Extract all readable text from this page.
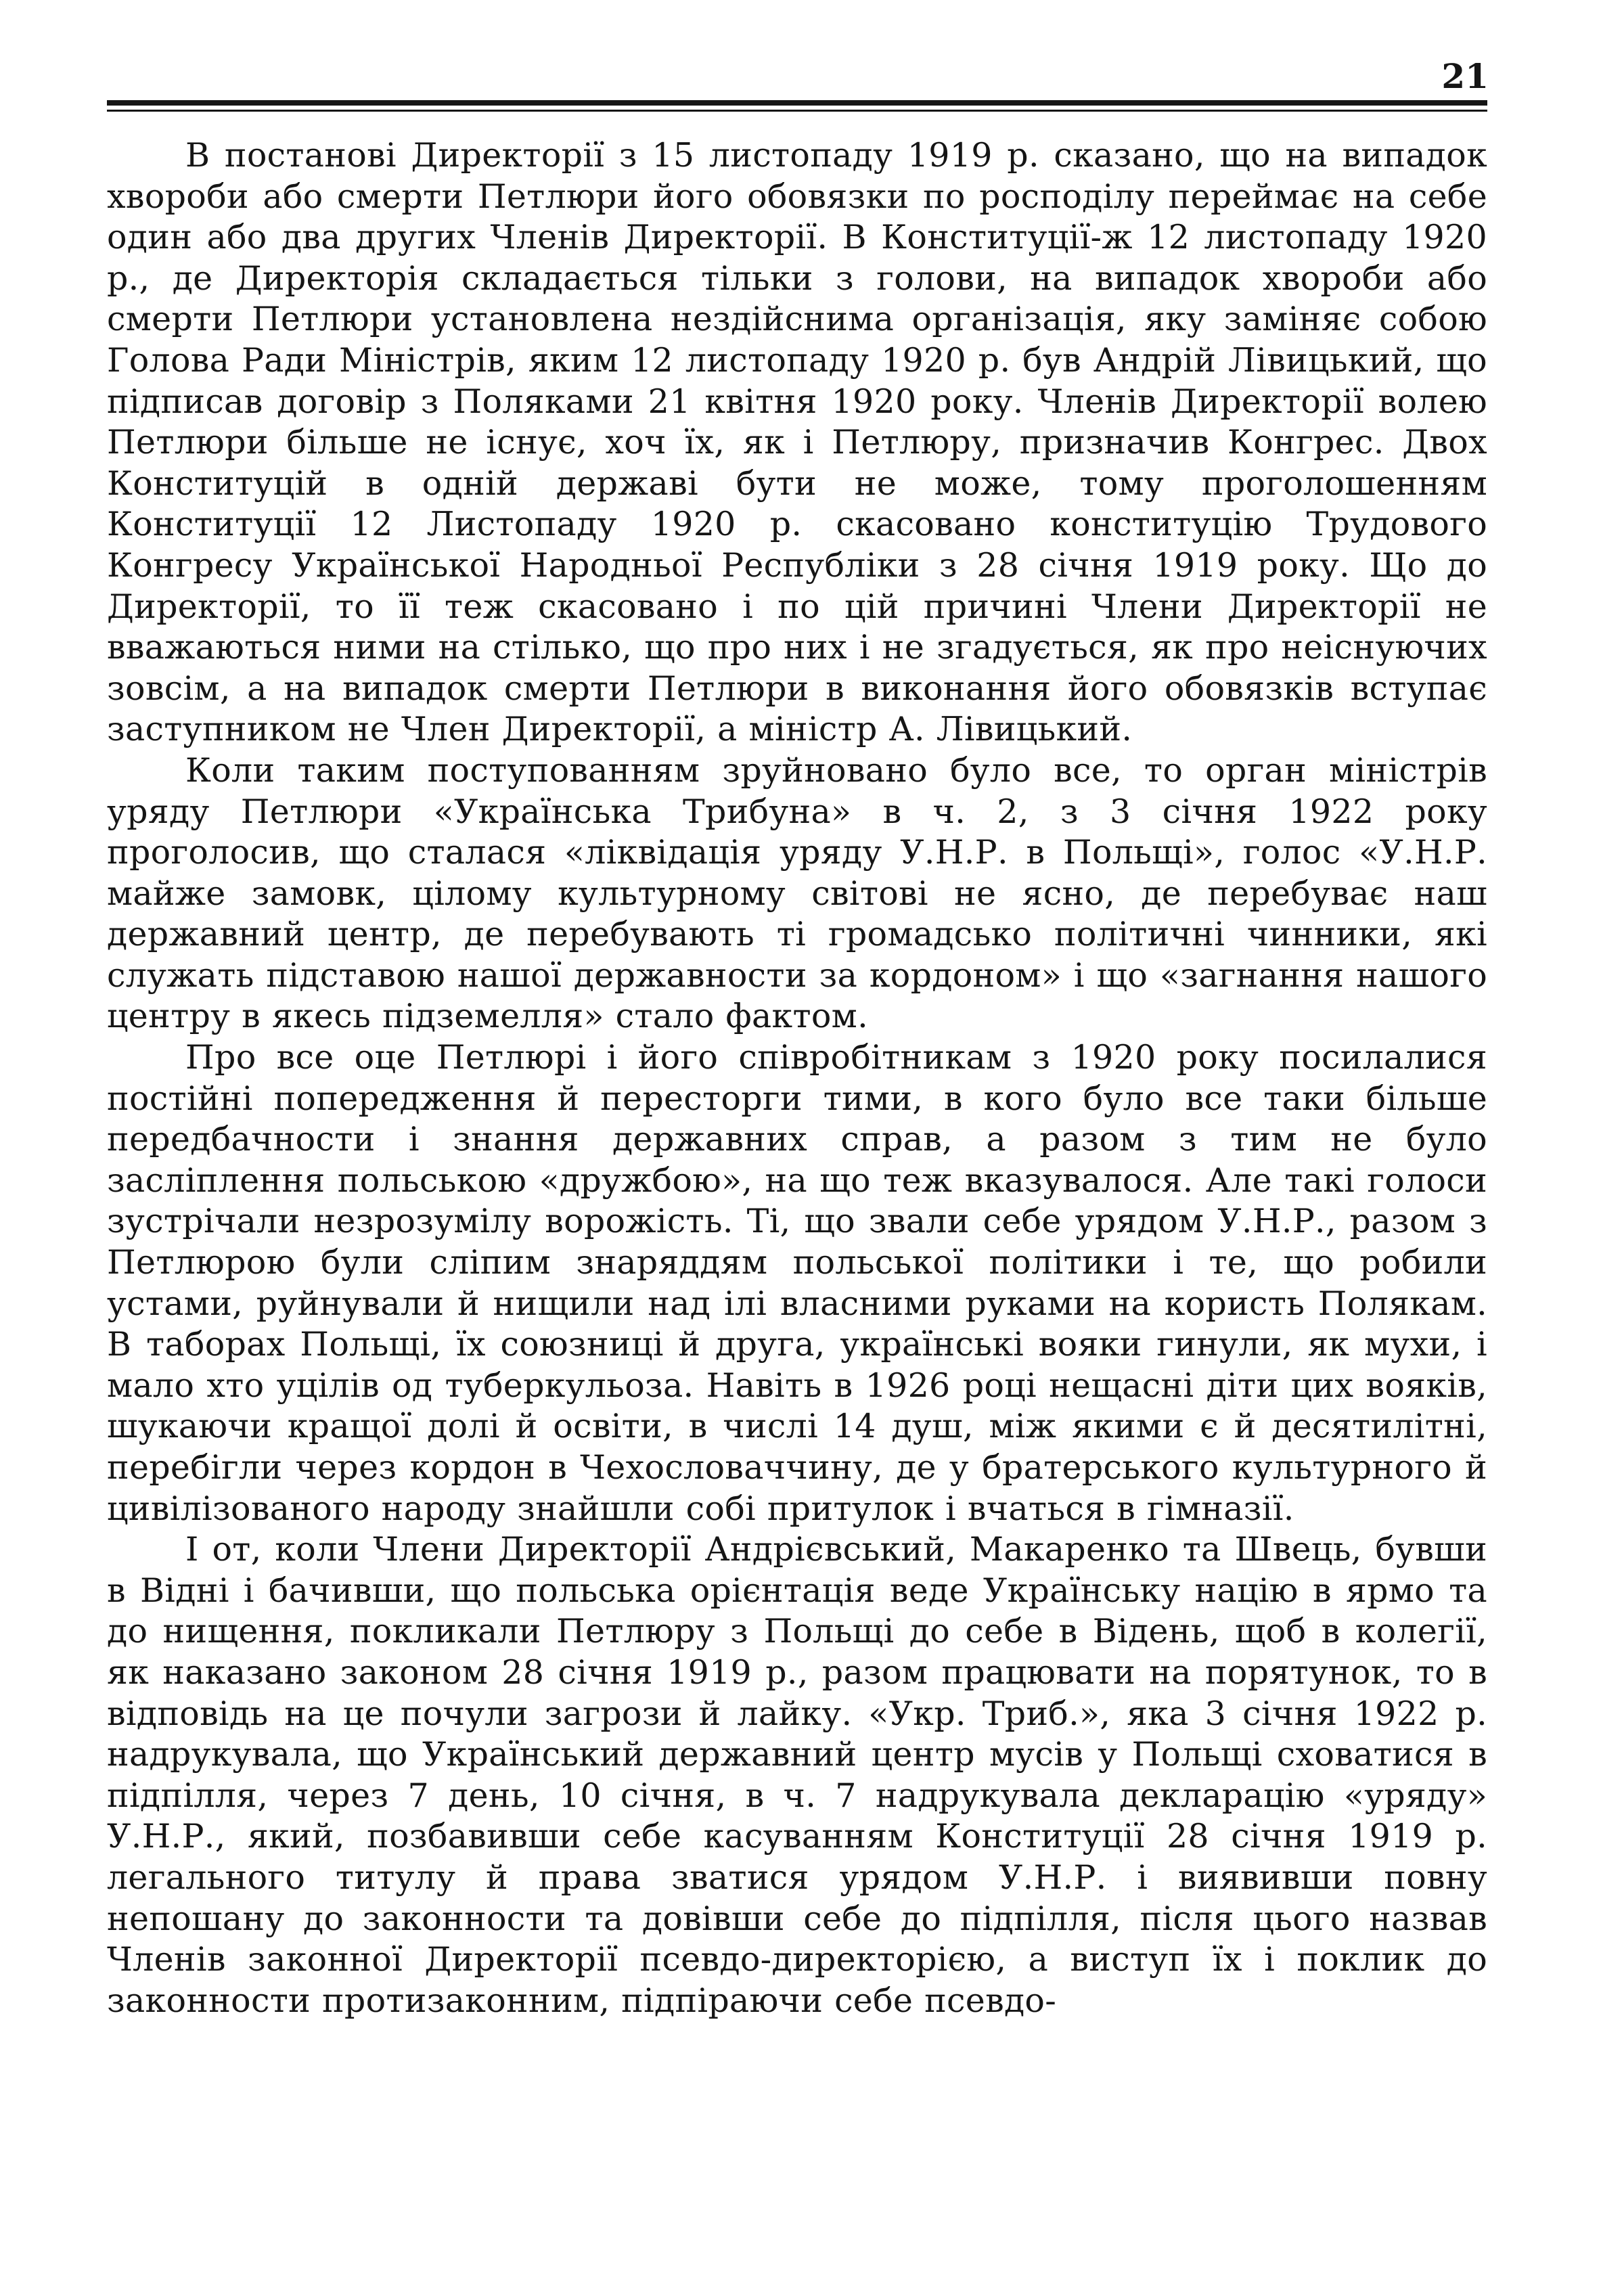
21

В постанові Директорії з 15 листопаду 1919 р. сказано, що на випадок хвороби або смерти Петлюри його обовязки по росподілу переймає на себе один або два других Членів Директорії. В Конституції-ж 12 листопаду 1920 р., де Директорія складається тільки з голови, на випадок хвороби або смерти Петлюри установлена нездійснима організація, яку заміняє собою Голова Ради Міністрів, яким 12 листопаду 1920 р. був Андрій Лівицький, що підписав договір з Поляками 21 квітня 1920 року. Членів Директорії волею Петлюри більше не існує, хоч їх, як і Петлюру, призначив Конгрес. Двох Конституцій в одній державі бути не може, тому проголошенням Конституції 12 Листопаду 1920 р. скасовано конституцію Трудового Конгресу Української Народньої Республіки з 28 січня 1919 року. Що до Директорії, то її теж скасовано і по цій причині Члени Директорії не вважаються ними на стілько, що про них і не згадується, як про неіснуючих зовсім, а на випадок смерти Петлюри в виконання його обовязків вступає заступником не Член Директорії, а міністр А. Лівицький.

Коли таким поступованням зруйновано було все, то орган міністрів уряду Петлюри «Українська Трибуна» в ч. 2, з 3 січня 1922 року проголосив, що сталася «ліквідація уряду У.Н.Р. в Польщі», голос «У.Н.Р. майже замовк, цілому культурному світові не ясно, де перебуває наш державний центр, де перебувають ті громадсько політичні чинники, які служать підставою нашої державности за кордоном» і що «загнання нашого центру в якесь підземелля» стало фактом.

Про все оце Петлюрі і його співробітникам з 1920 року посилалися постійні попередження й пересторги тими, в кого було все таки більше передбачности і знання державних справ, а разом з тим не було засліплення польською «дружбою», на що теж вказувалося. Але такі голоси зустрічали незрозумілу ворожість. Ті, що звали себе урядом У.Н.Р., разом з Петлюрою були сліпим знаряддям польської політики і те, що робили устами, руйнували й нищили над ілі власними руками на користь Полякам. В таборах Польщі, їх союзниці й друга, українські вояки гинули, як мухи, і мало хто уцілів од туберкульоза. Навіть в 1926 році нещасні діти цих вояків, шукаючи кращої долі й освіти, в числі 14 душ, між якими є й десятилітні, перебігли через кордон в Чехословаччину, де у братерського культурного й цивілізованого народу знайшли собі притулок і вчаться в гімназії.

І от, коли Члени Директорії Андрієвський, Макаренко та Швець, бувши в Відні і бачивши, що польська орієнтація веде Українську націю в ярмо та до нищення, покликали Петлюру з Польщі до себе в Відень, щоб в колегії, як наказано законом 28 січня 1919 р., разом працювати на порятунок, то в відповідь на це почули загрози й лайку. «Укр. Триб.», яка 3 січня 1922 р. надрукувала, що Український державний центр мусів у Польщі сховатися в підпілля, через 7 день, 10 січня, в ч. 7 надрукувала декларацію «уряду» У.Н.Р., який, позбавивши себе касуванням Конституції 28 січня 1919 р. легального титулу й права зватися урядом У.Н.Р. і виявивши повну непошану до законности та довівши себе до підпілля, після цього назвав Членів законної Директорії псевдо-директорією, а виступ їх і поклик до законности протизаконним, підпіраючи себе псевдо-
